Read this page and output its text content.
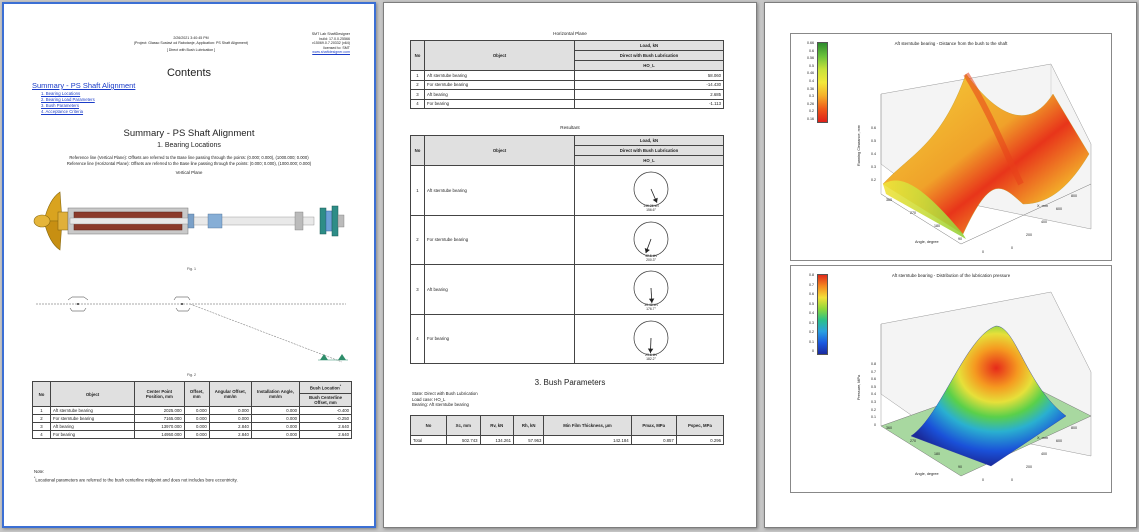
2/26/2021 3:40:45 PM
(Project: Glasso Sustavi od Rabotanje, Application: PS Shaft Alignment)
[ Direct with Bush Lubrication ]
SMT Lab ShaftDesigner
build: 17.0.0.25566
v15069.0.7.20332 (x64)
licensed to: SMT
www.shaftdesigner.com
Contents
Summary - PS Shaft Alignment
1. Bearing Locations
2. Bearing Load Parameters
3. Bush Parameters
4. Acceptance Criteria
Summary - PS Shaft Alignment
1. Bearing Locations
Reference line (Vertical Plane): Offsets are referred to the Base line passing through the points: (0.000; 0.000), (1000.000; 0.000)
Reference line (Horizontal Plane): Offsets are referred to the Base line passing through the points: (0.000; 0.000), (1000.000; 0.000)
Vertical Plane
Fig. 1
Fig. 2
No	Object	Center Point Position, mm	Offset, mm	Angular Offset, mm/m	Installation Angle, mm/m	Bush Location*
						Bush Centerline Offset, mm
1	Aft sterntube bearing	2025.000	0.000	0.000	0.000	-0.400
2	For sterntube bearing	7165.000	0.000	0.000	0.000	-0.250
3	Aft bearing	13970.000	0.000	2.840	0.000	2.640
4	For bearing	14950.000	0.000	2.840	0.000	2.640
Note:
*Locational parameters are referred to the bush centerline midpoint and does not includes bore eccentricity.
Horizontal Plane
No	Object	Load, kN
		Direct with Bush Lubrication
		HO_L
1	Aft sterntube bearing	58.060
2	For sterntube bearing	-14.430
3	Aft bearing	2.685
4	For bearing	-1.113
Resultant
No	Object	Load, kN
		Direct with Bush Lubrication
		HO_L
1	Aft sterntube bearing	146.26 kN
156.6°

2	For sterntube bearing	42.5 kN
200.3°

3	Aft bearing	35.48 kN
176.7°

4	For bearing	23.5 kN
182.2°
3. Bush Parameters
State: Direct with Bush Lubrication
Load case: HO_L
Bearing: Aft sterntube bearing
No	Xc, mm	Rv, kN	Rh, kN	Min Film Thickness, μm	Pmax, MPa	Pspec, MPa
Total	502.743	134.261	57.963	142.184	0.857	0.296
Aft sterntube bearing - Distance from the bush to the shaft
0.66
0.6
0.56
0.5
0.46
0.4
0.36
0.3
0.26
0.2
0.16
0.6
0.5
0.4
0.3
0.2
Running Clearance, mm
360
270
180
90
0
0
200
400
600
800
Angle, degree
X, mm
Aft sterntube bearing - Distribution of the lubrication pressure
0.8
0.7
0.6
0.5
0.4
0.3
0.2
0.1
0
0.8
0.7
0.6
0.5
0.4
0.3
0.2
0.1
0
Pressure, MPa
360
270
180
90
0	0
200
400
600
800
Angle, degree
X, mm
